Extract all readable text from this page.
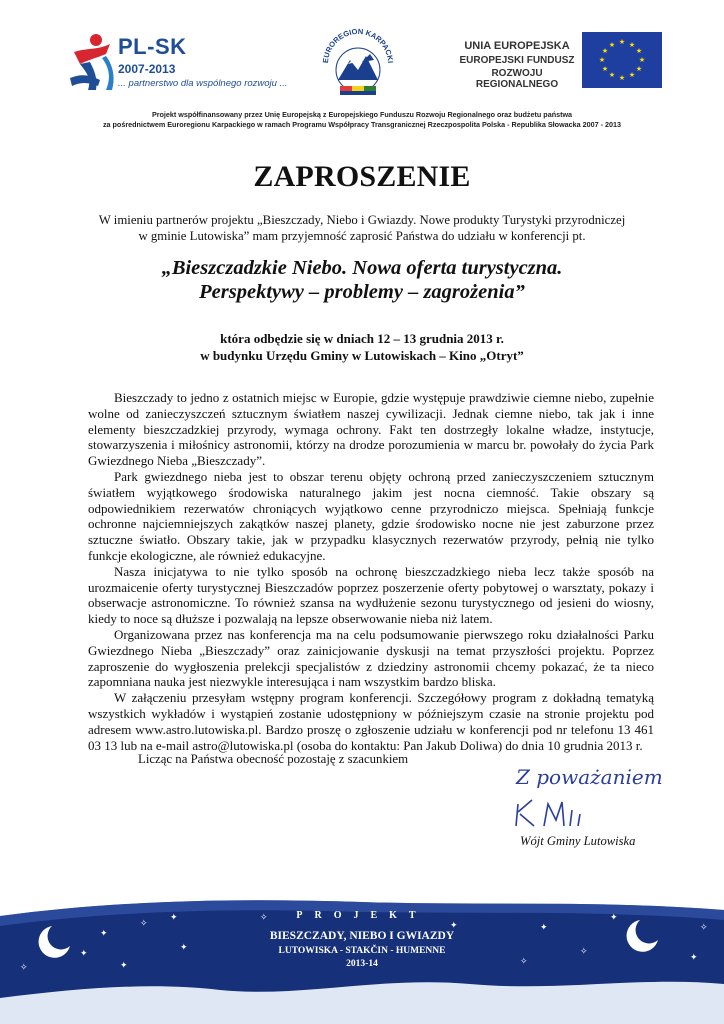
PL-SK
2007-2013
... partnerstwo dla wspólnego rozwoju ...
EUROREGION KARPACKI
UNIA EUROPEJSKA
EUROPEJSKI FUNDUSZ
ROZWOJU REGIONALNEGO
★ ★
★
★
★
★
★
★
★
★
★
★
Projekt współfinansowany przez Unię Europejską z Europejskiego Funduszu Rozwoju Regionalnego oraz budżetu państwa
za pośrednictwem Euroregionu Karpackiego w ramach Programu Współpracy Transgranicznej Rzeczpospolita Polska - Republika Słowacka 2007 - 2013
ZAPROSZENIE
W imieniu partnerów projektu „Bieszczady, Niebo i Gwiazdy. Nowe produkty Turystyki przyrodniczej
w gminie Lutowiska” mam przyjemność zaprosić Państwa do udziału w konferencji pt.
„Bieszczadzkie Niebo. Nowa oferta turystyczna.
Perspektywy – problemy – zagrożenia”
która odbędzie się w dniach 12 – 13 grudnia 2013 r.
w budynku Urzędu Gminy w Lutowiskach – Kino „Otryt”

Bieszczady to jedno z ostatnich miejsc w Europie, gdzie występuje prawdziwie ciemne niebo, zupełnie wolne od zanieczyszczeń sztucznym światłem naszej cywilizacji. Jednak ciemne niebo, tak jak i inne elementy bieszczadzkiej przyrody, wymaga ochrony. Fakt ten dostrzegły lokalne władze, instytucje, stowarzyszenia i miłośnicy astronomii, którzy na drodze porozumienia w marcu br. powołały do życia Park Gwiezdnego Nieba „Bieszczady”.

Park gwiezdnego nieba jest to obszar terenu objęty ochroną przed zanieczyszczeniem sztucznym światłem wyjątkowego środowiska naturalnego jakim jest nocna ciemność. Takie obszary są odpowiednikiem rezerwatów chroniących wyjątkowo cenne przyrodniczo miejsca. Spełniają funkcje ochronne najciemniejszych zakątków naszej planety, gdzie środowisko nocne nie jest zaburzone przez sztuczne światło. Obszary takie, jak w przypadku klasycznych rezerwatów przyrody, pełnią nie tylko funkcje ekologiczne, ale również edukacyjne.

Nasza inicjatywa to nie tylko sposób na ochronę bieszczadzkiego nieba lecz także sposób na urozmaicenie oferty turystycznej Bieszczadów poprzez poszerzenie oferty pobytowej o warsztaty, pokazy i obserwacje astronomiczne. To również szansa na wydłużenie sezonu turystycznego od jesieni do wiosny, kiedy to noce są dłuższe i pozwalają na lepsze obserwowanie nieba niż latem.

Organizowana przez nas konferencja ma na celu podsumowanie pierwszego roku działalności Parku Gwiezdnego Nieba „Bieszczady” oraz zainicjowanie dyskusji na temat przyszłości projektu. Poprzez zaproszenie do wygłoszenia prelekcji specjalistów z dziedziny astronomii chcemy pokazać, że ta nieco zapomniana nauka jest niezwykle interesująca i nam wszystkim bardzo bliska.

W załączeniu przesyłam wstępny program konferencji. Szczegółowy program z dokładną tematyką wszystkich wykładów i wystąpień zostanie udostępniony w późniejszym czasie na stronie projektu pod adresem www.astro.lutowiska.pl. Bardzo proszę o zgłoszenie udziału w konferencji pod nr telefonu 13 461 03 13 lub na e-mail astro@lutowiska.pl (osoba do kontaktu: Pan Jakub Doliwa) do dnia 10 grudnia 2013 r.

Licząc na Państwa obecność pozostaję z szacunkiem
Z poważaniem
Wójt Gminy Lutowiska
✦
✧
✦
✧	✦
✦
✦
✧
✦
✦
✧
✧
✦
✧
✦
PROJEKT
BIESZCZADY, NIEBO I GWIAZDY
LUTOWISKA - STAKČIN - HUMENNE
2013-14
